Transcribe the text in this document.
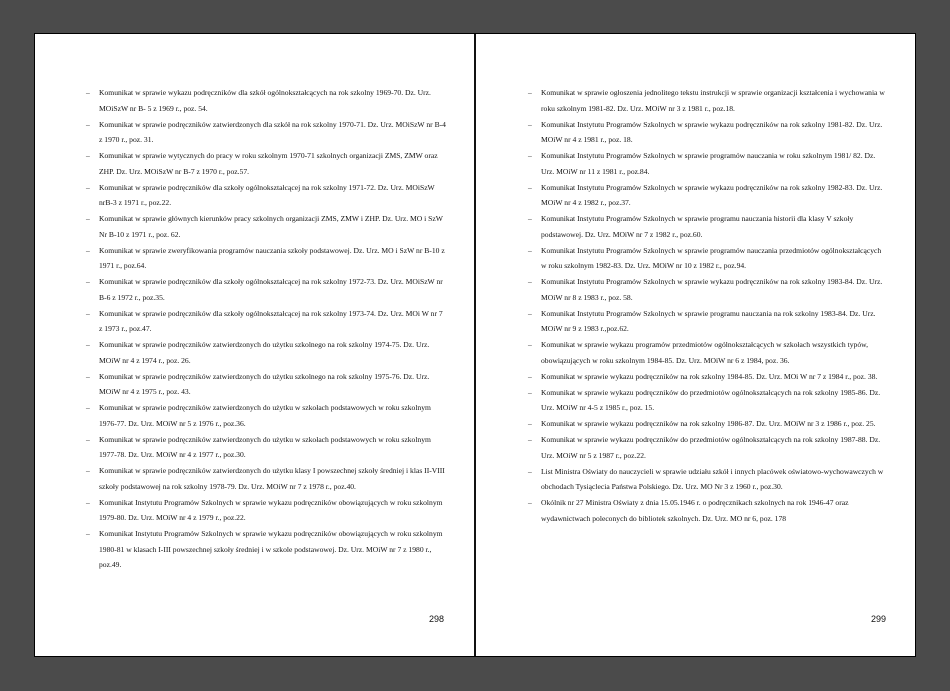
– Komunikat w sprawie wykazu podręczników dla szkół ogólnokształcących na rok szkolny 1969-70. Dz. Urz. MOiSzW nr B- 5 z 1969 r., poz. 54.
– Komunikat w sprawie podręczników zatwierdzonych dla szkół na rok szkolny 1970-71. Dz. Urz. MOiSzW nr B-4 z 1970 r., poz. 31.
– Komunikat w sprawie wytycznych do pracy w roku szkolnym 1970-71 szkolnych organizacji ZMS, ZMW oraz ZHP. Dz. Urz. MOiSzW nr B-7 z 1970 r., poz.57.
– Komunikat w sprawie podręczników dla szkoły ogólnokształcącej na rok szkolny 1971-72. Dz. Urz. MOiSzW nrB-3 z 1971 r., poz.22.
– Komunikat w sprawie głównych kierunków pracy szkolnych organizacji ZMS, ZMW i ZHP. Dz. Urz. MO i SzW Nr B-10 z 1971 r., poz. 62.
– Komunikat w sprawie zweryfikowania programów nauczania szkoły podstawowej. Dz. Urz. MO i SzW nr B-10 z 1971 r., poz.64.
– Komunikat w sprawie podręczników dla szkoły ogólnokształcącej na rok szkolny 1972-73. Dz. Urz. MOiSzW nr B-6 z 1972 r., poz.35.
– Komunikat w sprawie podręczników dla szkoły ogólnokształcącej na rok szkolny 1973-74. Dz. Urz. MOi W nr 7 z 1973 r., poz.47.
– Komunikat w sprawie podręczników zatwierdzonych do użytku szkolnego na rok szkolny 1974-75. Dz. Urz. MOiW nr 4 z 1974 r., poz. 26.
– Komunikat w sprawie podręczników zatwierdzonych do użytku szkolnego na rok szkolny 1975-76. Dz. Urz. MOiW nr 4 z 1975 r., poz. 43.
– Komunikat w sprawie podręczników zatwierdzonych do użytku w szkołach podstawowych w roku szkolnym 1976-77. Dz. Urz. MOiW nr 5 z 1976 r., poz.36.
– Komunikat w sprawie podręczników zatwierdzonych do użytku w szkołach podstawowych w roku szkolnym 1977-78. Dz. Urz. MOiW nr 4 z 1977 r., poz.30.
– Komunikat w sprawie podręczników zatwierdzonych do użytku klasy I powszechnej szkoły średniej i klas II-VIII szkoły podstawowej na rok szkolny 1978-79. Dz. Urz. MOiW nr 7 z 1978 r., poz.40.
– Komunikat Instytutu Programów Szkolnych w sprawie wykazu podręczników obowiązujących w roku szkolnym 1979-80. Dz. Urz. MOiW nr 4 z 1979 r., poz.22.
– Komunikat Instytutu Programów Szkolnych w sprawie wykazu podręczników obowiązujących w roku szkolnym 1980-81 w klasach I-III powszechnej szkoły średniej i w szkole podstawowej. Dz. Urz. MOiW nr 7 z 1980 r., poz.49.
298
– Komunikat w sprawie ogłoszenia jednolitego tekstu instrukcji w sprawie organizacji kształcenia i wychowania w roku szkolnym 1981-82. Dz. Urz. MOiW nr 3 z 1981 r., poz.18.
– Komunikat Instytutu Programów Szkolnych w sprawie wykazu podręczników na rok szkolny 1981-82. Dz. Urz. MOiW nr 4 z 1981 r., poz. 18.
– Komunikat Instytutu Programów Szkolnych w sprawie programów nauczania w roku szkolnym 1981/ 82. Dz. Urz. MOiW nr 11 z 1981 r., poz.84.
– Komunikat Instytutu Programów Szkolnych w sprawie wykazu podręczników na rok szkolny 1982-83. Dz. Urz. MOiW nr 4 z 1982 r., poz.37.
– Komunikat Instytutu Programów Szkolnych w sprawie programu nauczania historii dla klasy V szkoły podstawowej. Dz. Urz. MOiW nr 7 z 1982 r., poz.60.
– Komunikat Instytutu Programów Szkolnych w sprawie programów nauczania przedmiotów ogólnokształcących w roku szkolnym 1982-83. Dz. Urz. MOiW nr 10 z 1982 r., poz.94.
– Komunikat Instytutu Programów Szkolnych w sprawie wykazu podręczników na rok szkolny 1983-84. Dz. Urz. MOiW nr 8 z 1983 r., poz. 58.
– Komunikat Instytutu Programów Szkolnych w sprawie programu nauczania na rok szkolny 1983-84. Dz. Urz. MOiW nr 9 z 1983 r.,poz.62.
– Komunikat w sprawie wykazu programów przedmiotów ogólnokształcących w szkołach wszystkich typów, obowiązujących w roku szkolnym 1984-85. Dz. Urz. MOiW nr 6 z 1984, poz. 36.
– Komunikat w sprawie wykazu podręczników na rok szkolny 1984-85. Dz. Urz. MOi W nr 7 z 1984 r., poz. 38.
– Komunikat w sprawie wykazu podręczników do przedmiotów ogólnokształcących na rok szkolny 1985-86. Dz. Urz. MOiW nr 4-5 z 1985 r., poz. 15.
– Komunikat w sprawie wykazu podręczników na rok szkolny 1986-87. Dz. Urz. MOiW nr 3 z 1986 r., poz. 25.
– Komunikat w sprawie wykazu podręczników do przedmiotów ogólnokształcących na rok szkolny 1987-88. Dz. Urz. MOiW nr 5 z 1987 r., poz.22.
– List Ministra Oświaty do nauczycieli w sprawie udziału szkół i innych placówek oświatowo-wychowawczych w obchodach Tysiąclecia Państwa Polskiego. Dz. Urz. MO Nr 3 z 1960 r., poz.30.
– Okólnik nr 27 Ministra Oświaty z dnia 15.05.1946 r. o podręcznikach szkolnych na rok 1946-47 oraz wydawnictwach poleconych do bibliotek szkolnych. Dz. Urz. MO nr 6, poz. 178
299
